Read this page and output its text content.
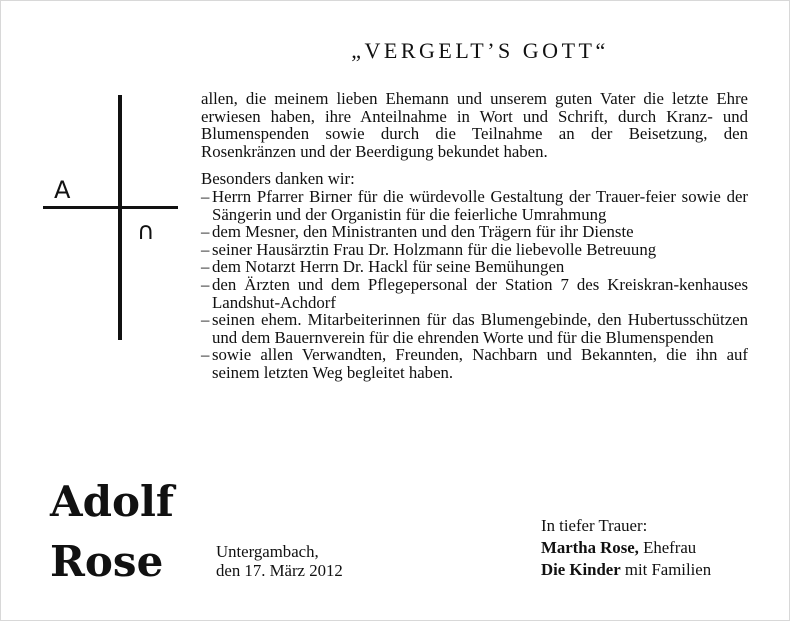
„VERGELT’S GOTT“
A
∩

allen, die meinem lieben Ehemann und unserem guten Vater die letzte Ehre erwiesen haben, ihre Anteilnahme in Wort und Schrift, durch Kranz- und Blumenspenden sowie durch die Teilnahme an der Beisetzung, den Rosenkränzen und der Beerdigung bekundet haben.

Besonders danken wir:

– Herrn Pfarrer Birner für die würdevolle Gestaltung der Trauer-feier sowie der Sängerin und der Organistin für die feierliche Umrahmung
– dem Mesner, den Ministranten und den Trägern für ihr Dienste
– seiner Hausärztin Frau Dr. Holzmann für die liebevolle Betreuung
– dem Notarzt Herrn Dr. Hackl für seine Bemühungen
– den Ärzten und dem Pflegepersonal der Station 7 des Kreiskran-kenhauses Landshut-Achdorf
– seinen ehem. Mitarbeiterinnen für das Blumengebinde, den Hubertusschützen und dem Bauernverein für die ehrenden Worte und für die Blumenspenden
– sowie allen Verwandten, Freunden, Nachbarn und Bekannten, die ihn auf seinem letzten Weg begleitet haben.
Adolf
Rose	Untergambach,
den 17. März 2012
In tiefer Trauer:
Martha Rose, Ehefrau
Die Kinder mit Familien
